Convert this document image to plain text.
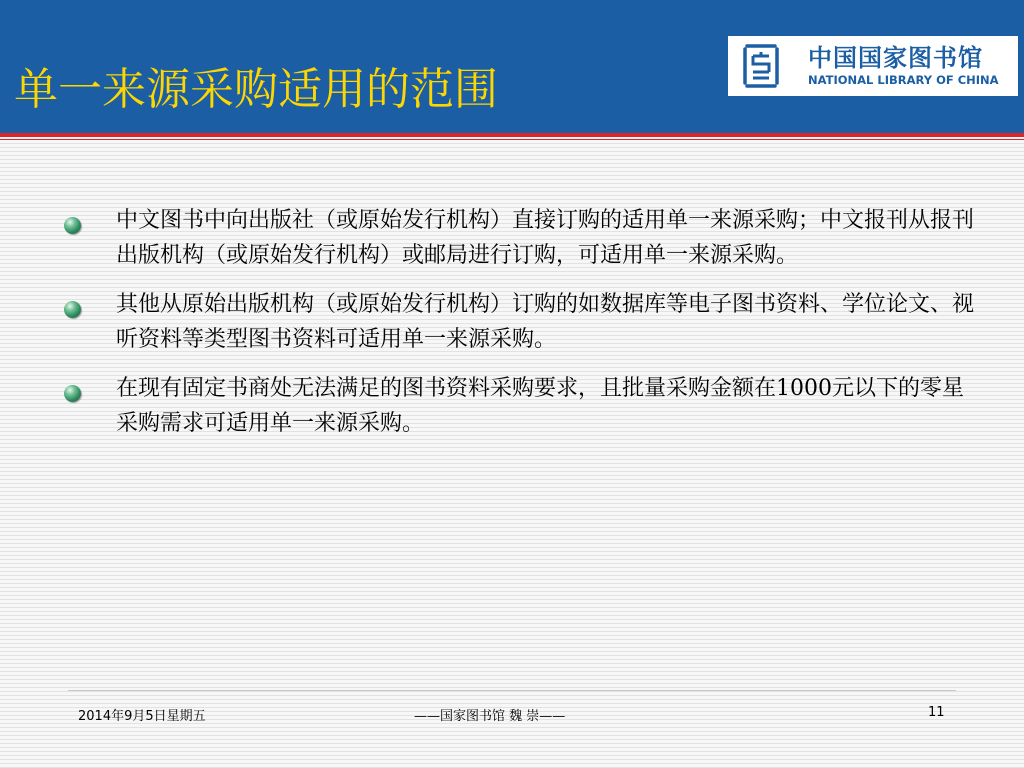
单一来源采购适用的范围
中国国家图书馆
NATIONAL LIBRARY OF CHINA
中文图书中向出版社（或原始发行机构）直接订购的适用单一来源采购；中文报刊从报刊出版机构（或原始发行机构）或邮局进行订购，可适用单一来源采购。
其他从原始出版机构（或原始发行机构）订购的如数据库等电子图书资料、学位论文、视听资料等类型图书资料可适用单一来源采购。
在现有固定书商处无法满足的图书资料采购要求，且批量采购金额在1000元以下的零星采购需求可适用单一来源采购。
2014年9月5日星期五	——国家图书馆 魏 崇——	11
